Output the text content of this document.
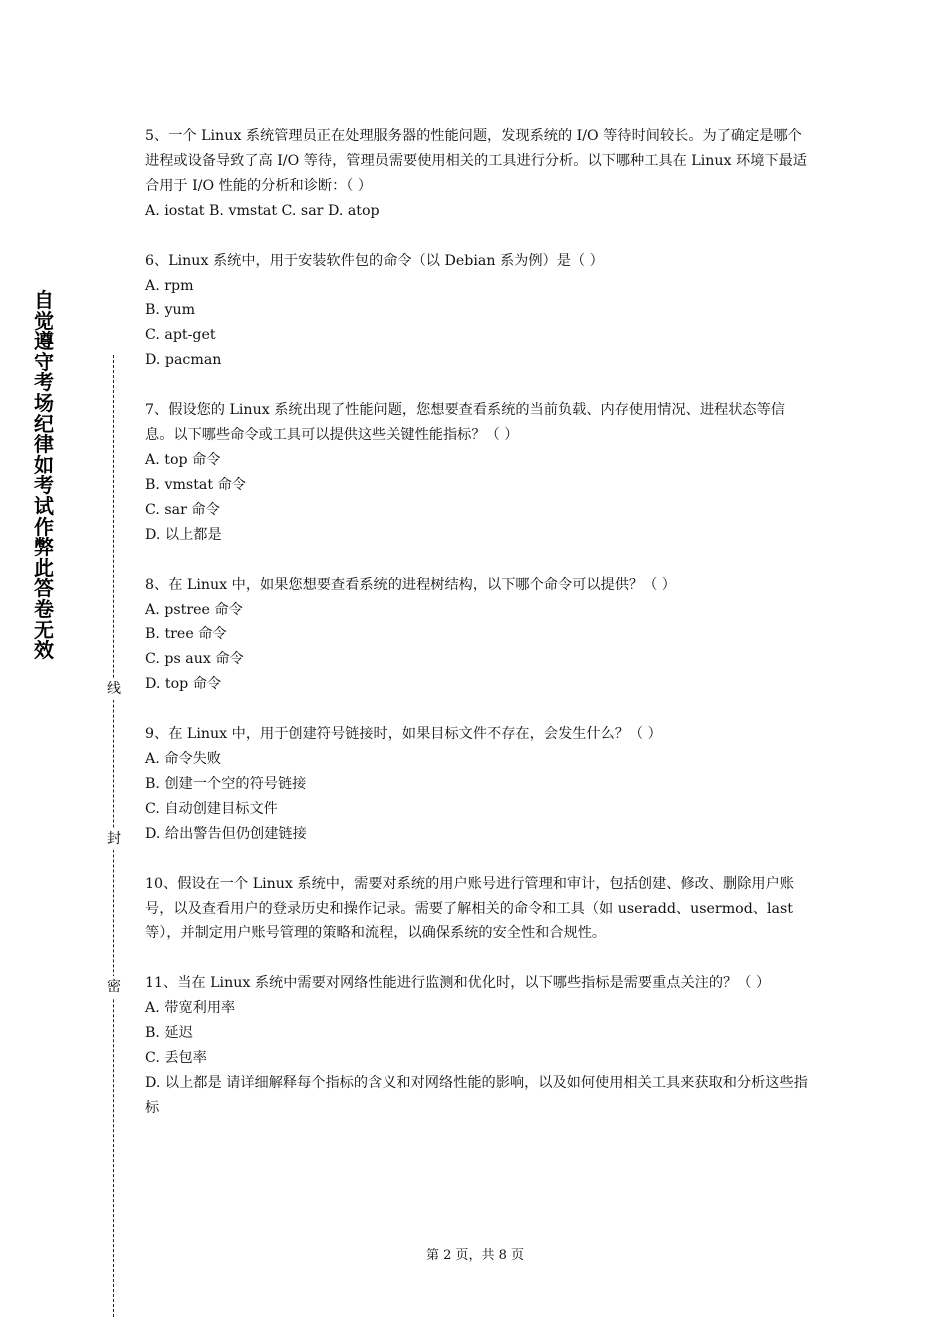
自
觉
遵
守
考
场
纪
律
如
考
试
作
弊
此
答
卷
无
效
线
封
密

5、一个 Linux 系统管理员正在处理服务器的性能问题，发现系统的 I/O 等待时间较长。为了确定是哪个进程或设备导致了高 I/O 等待，管理员需要使用相关的工具进行分析。以下哪种工具在 Linux 环境下最适合用于 I/O 性能的分析和诊断：（ ）

A. iostat B. vmstat C. sar D. atop

6、Linux 系统中，用于安装软件包的命令（以 Debian 系为例）是（ ）

A. rpm

B. yum

C. apt-get

D. pacman

7、假设您的 Linux 系统出现了性能问题，您想要查看系统的当前负载、内存使用情况、进程状态等信息。以下哪些命令或工具可以提供这些关键性能指标？（ ）

A. top 命令

B. vmstat 命令

C. sar 命令

D. 以上都是

8、在 Linux 中，如果您想要查看系统的进程树结构，以下哪个命令可以提供？（ ）

A. pstree 命令

B. tree 命令

C. ps aux 命令

D. top 命令

9、在 Linux 中，用于创建符号链接时，如果目标文件不存在，会发生什么？（ ）

A. 命令失败

B. 创建一个空的符号链接

C. 自动创建目标文件

D. 给出警告但仍创建链接

10、假设在一个 Linux 系统中，需要对系统的用户账号进行管理和审计，包括创建、修改、删除用户账号，以及查看用户的登录历史和操作记录。需要了解相关的命令和工具（如 useradd、usermod、last 等），并制定用户账号管理的策略和流程，以确保系统的安全性和合规性。

11、当在 Linux 系统中需要对网络性能进行监测和优化时，以下哪些指标是需要重点关注的？（ ）

A. 带宽利用率

B. 延迟

C. 丢包率

D. 以上都是 请详细解释每个指标的含义和对网络性能的影响，以及如何使用相关工具来获取和分析这些指标

第 2 页，共 8 页
